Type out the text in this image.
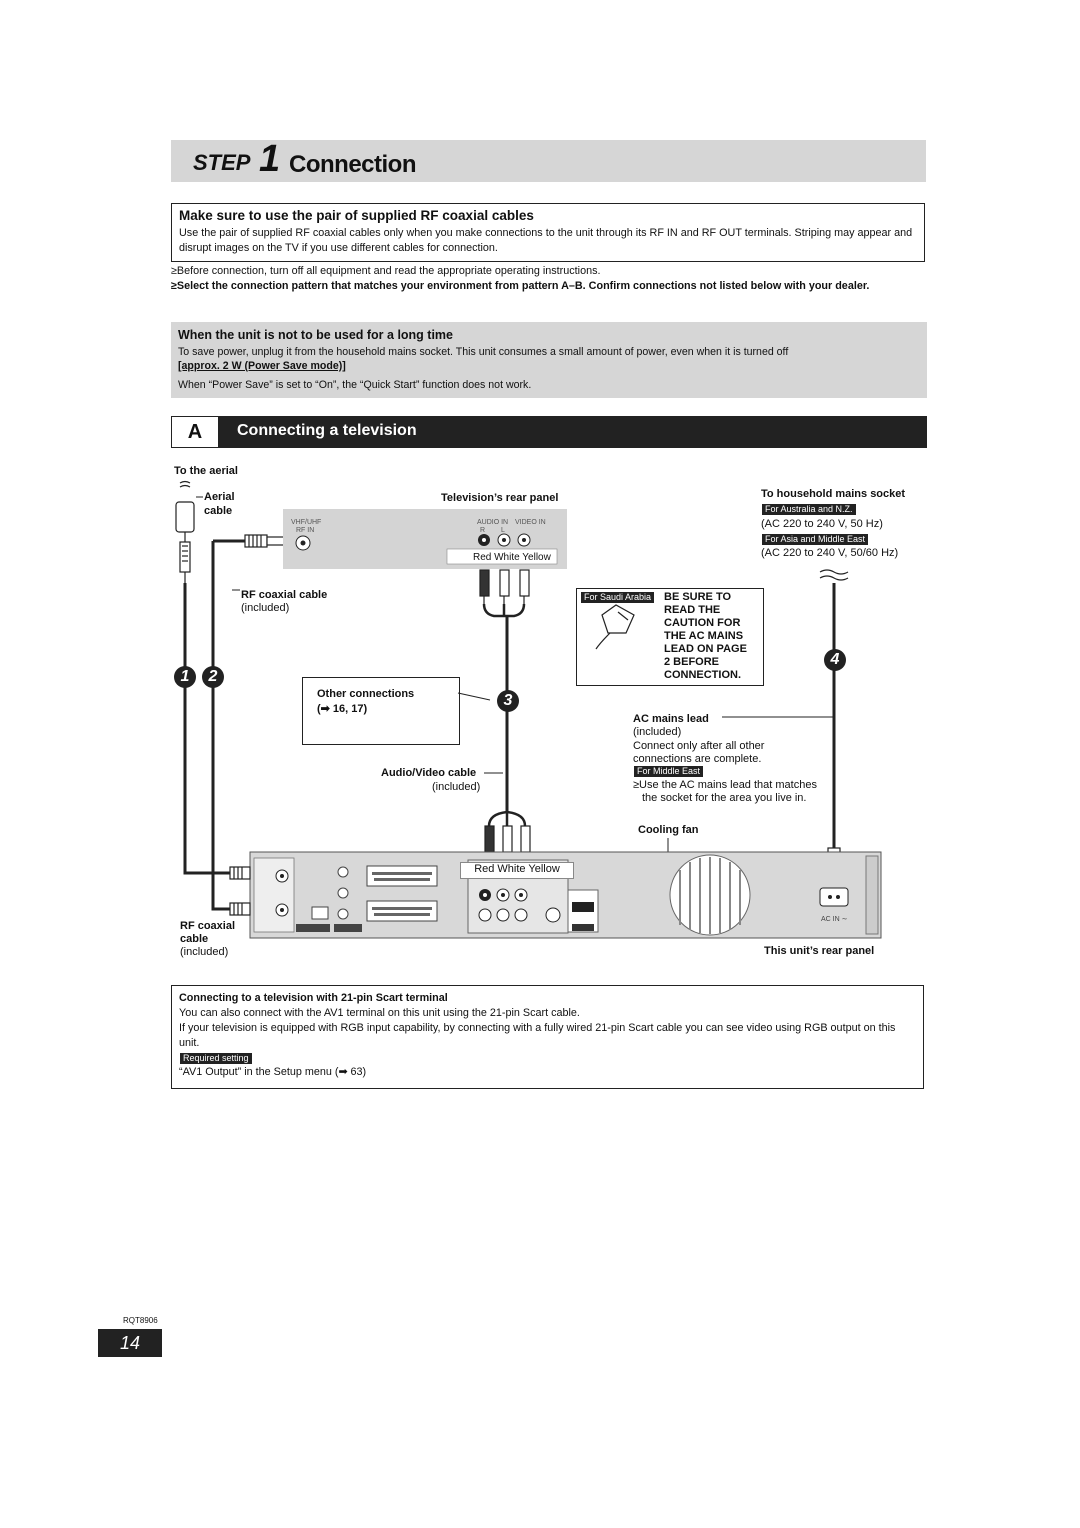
STEP 1 Connection
Make sure to use the pair of supplied RF coaxial cables

Use the pair of supplied RF coaxial cables only when you make connections to the unit through its RF IN and RF OUT terminals. Striping may appear and disrupt images on the TV if you use different cables for connection.

≥Before connection, turn off all equipment and read the appropriate operating instructions.
≥Select the connection pattern that matches your environment from pattern A–B. Confirm connections not listed below with your dealer.
When the unit is not to be used for a long time

To save power, unplug it from the household mains socket. This unit consumes a small amount of power, even when it is turned off

[approx. 2 W (Power Save mode)]

When “Power Save” is set to “On”, the “Quick Start” function does not work.

A	Connecting a television
To the aerial
Aerial
cable
Television’s rear panel
VHF/UHF
RF IN
AUDIO IN VIDEO IN
R L
Red White Yellow
RF coaxial cable
(included)
To household mains socket
For Australia and N.Z.
(AC 220 to 240 V, 50 Hz)
For Asia and Middle East
(AC 220 to 240 V, 50/60 Hz)
For Saudi Arabia BE SURE TO
READ THE
CAUTION FOR
THE AC MAINS
LEAD ON PAGE
2 BEFORE
CONNECTION.
1	2
3
4
Other connections
(➡ 16, 17)
AC mains lead
(included)
Connect only after all other
connections are complete.
For Middle East
≥Use the AC mains lead that matches
the socket for the area you live in.
Audio/Video cable
(included)
Cooling fan
Red White Yellow
RF coaxial
cable
(included)	This unit’s rear panel
AC IN ∼
Connecting to a television with 21-pin Scart terminal
You can also connect with the AV1 terminal on this unit using the 21-pin Scart cable.
If your television is equipped with RGB input capability, by connecting with a fully wired 21-pin Scart cable you can see video using RGB output on this unit.
Required setting
“AV1 Output” in the Setup menu (➡ 63)
RQT8906
14
